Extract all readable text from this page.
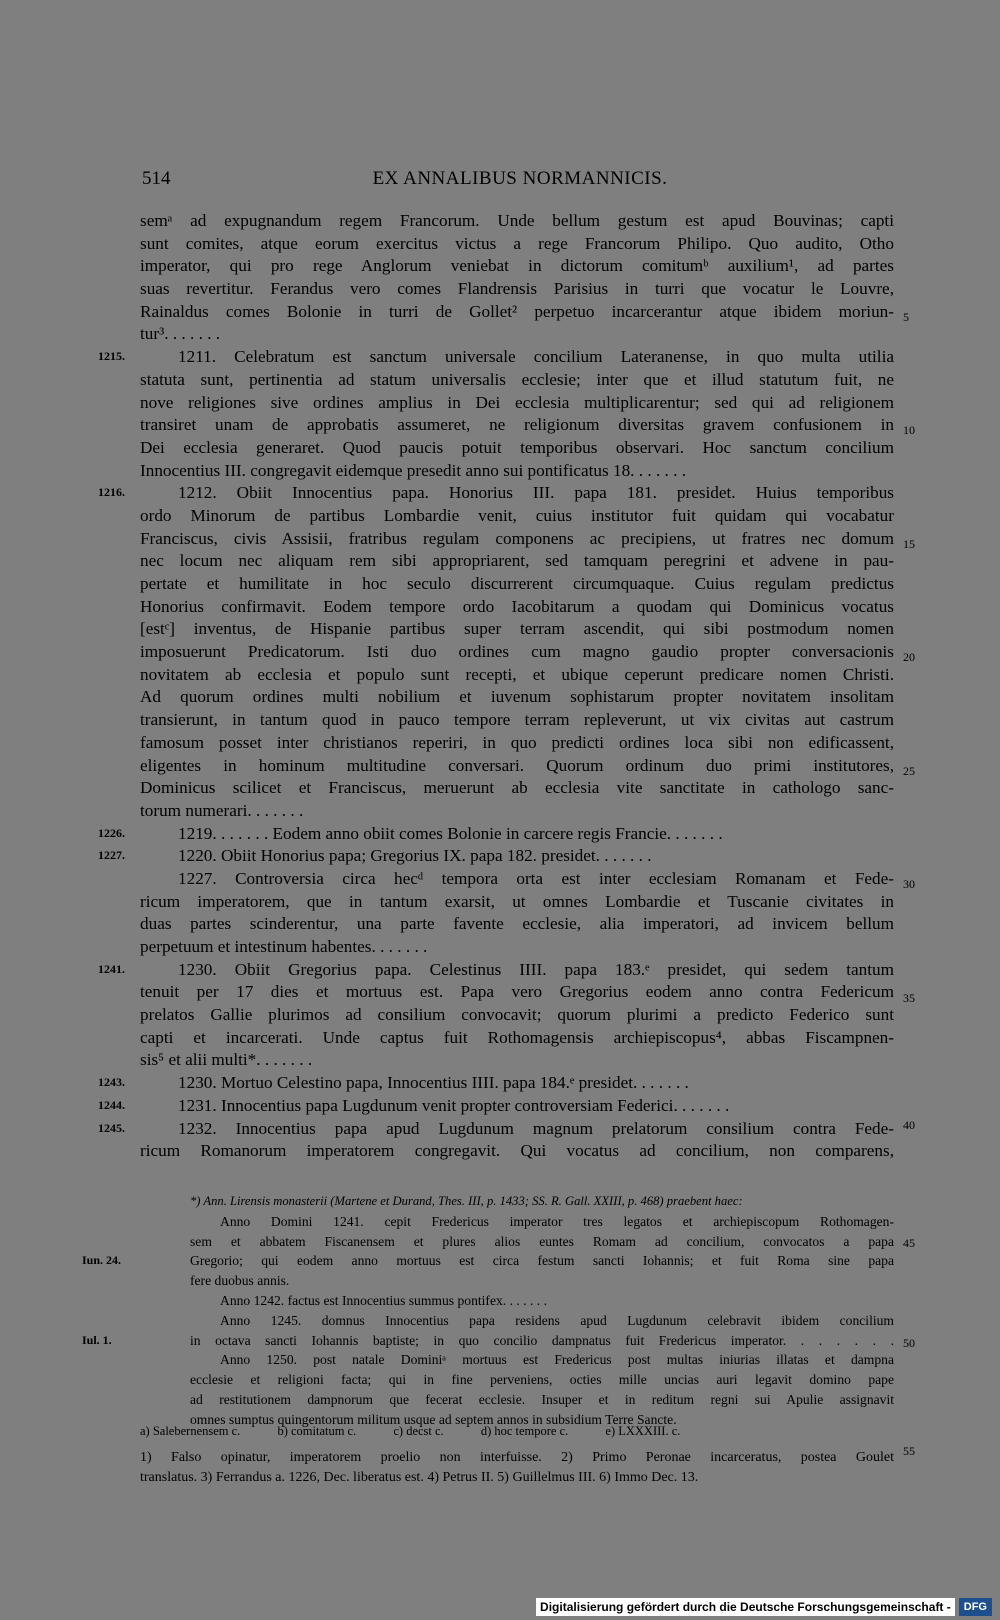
514	EX ANNALIBUS NORMANNICIS.
semᵃ ad expugnandum regem Francorum. Unde bellum gestum est apud Bouvinas; capti
sunt comites, atque eorum exercitus victus a rege Francorum Philipo. Quo audito, Otho
imperator, qui pro rege Anglorum veniebat in dictorum comitumᵇ auxilium¹, ad partes
suas revertitur. Ferandus vero comes Flandrensis Parisius in turri que vocatur le Louvre,
Rainaldus comes Bolonie in turri de Gollet² perpetuo incarcerantur atque ibidem moriun-
tur³. . . . . . .
1215.	1211. Celebratum est sanctum universale concilium Lateranense, in quo multa utilia
statuta sunt, pertinentia ad statum universalis ecclesie; inter que et illud statutum fuit, ne
nove religiones sive ordines amplius in Dei ecclesia multiplicarentur; sed qui ad religionem
transiret unam de approbatis assumeret, ne religionum diversitas gravem confusionem in
Dei ecclesia generaret. Quod paucis potuit temporibus observari. Hoc sanctum concilium
Innocentius III. congregavit eidemque presedit anno sui pontificatus 18. . . . . . .
1216.	1212. Obiit Innocentius papa. Honorius III. papa 181. presidet. Huius temporibus
ordo Minorum de partibus Lombardie venit, cuius institutor fuit quidam qui vocabatur
Franciscus, civis Assisii, fratribus regulam componens ac precipiens, ut fratres nec domum
nec locum nec aliquam rem sibi appropriarent, sed tamquam peregrini et advene in pau-
pertate et humilitate in hoc seculo discurrerent circumquaque. Cuius regulam predictus
Honorius confirmavit. Eodem tempore ordo Iacobitarum a quodam qui Dominicus vocatus
[estᶜ] inventus, de Hispanie partibus super terram ascendit, qui sibi postmodum nomen
imposuerunt Predicatorum. Isti duo ordines cum magno gaudio propter conversacionis
novitatem ab ecclesia et populo sunt recepti, et ubique ceperunt predicare nomen Christi.
Ad quorum ordines multi nobilium et iuvenum sophistarum propter novitatem insolitam
transierunt, in tantum quod in pauco tempore terram repleverunt, ut vix civitas aut castrum
famosum posset inter christianos reperiri, in quo predicti ordines loca sibi non edificassent,
eligentes in hominum multitudine conversari. Quorum ordinum duo primi institutores,
Dominicus scilicet et Franciscus, meruerunt ab ecclesia vite sanctitate in cathologo sanc-
torum numerari. . . . . . .
1226.	1219. . . . . . . Eodem anno obiit comes Bolonie in carcere regis Francie. . . . . . .
1227.	1220. Obiit Honorius papa; Gregorius IX. papa 182. presidet. . . . . . .
1227. Controversia circa hecᵈ tempora orta est inter ecclesiam Romanam et Fede-
ricum imperatorem, que in tantum exarsit, ut omnes Lombardie et Tuscanie civitates in
duas partes scinderentur, una parte favente ecclesie, alia imperatori, ad invicem bellum
perpetuum et intestinum habentes. . . . . . .
1241.	1230. Obiit Gregorius papa. Celestinus IIII. papa 183.ᵉ presidet, qui sedem tantum
tenuit per 17 dies et mortuus est. Papa vero Gregorius eodem anno contra Federicum
prelatos Gallie plurimos ad consilium convocavit; quorum plurimi a predicto Federico sunt
capti et incarcerati. Unde captus fuit Rothomagensis archiepiscopus⁴, abbas Fiscampnen-
sis⁵ et alii multi*. . . . . . .
1243.	1230. Mortuo Celestino papa, Innocentius IIII. papa 184.ᵉ presidet. . . . . . .
1244.	1231. Innocentius papa Lugdunum venit propter controversiam Federici. . . . . . .
1245.	1232. Innocentius papa apud Lugdunum magnum prelatorum consilium contra Fede-
ricum Romanorum imperatorem congregavit. Qui vocatus ad concilium, non comparens,
5
10
15
20
25
30
35
40
45
50
55
*) Ann. Lirensis monasterii (Martene et Durand, Thes. III, p. 1433; SS. R. Gall. XXIII, p. 468) praebent haec:
Anno Domini 1241. cepit Fredericus imperator tres legatos et archiepiscopum Rothomagen-
sem et abbatem Fiscanensem et plures alios euntes Romam ad concilium, convocatos a papa
Iun. 24.	Gregorio; qui eodem anno mortuus est circa festum sancti Iohannis; et fuit Roma sine papa
fere duobus annis.
Anno 1242. factus est Innocentius summus pontifex. . . . . . .
Anno 1245. domnus Innocentius papa residens apud Lugdunum celebravit ibidem concilium
Iul. 1.	in octava sancti Iohannis baptiste; in quo concilio dampnatus fuit Fredericus imperator. . . . . . .
Anno 1250. post natale Dominiᵃ mortuus est Fredericus post multas iniurias illatas et dampna
ecclesie et religioni facta; qui in fine perveniens, octies mille uncias auri legavit domino pape
ad restitutionem dampnorum que fecerat ecclesie. Insuper et in reditum regni sui Apulie assignavit
omnes sumptus quingentorum militum usque ad septem annos in subsidium Terre Sancte.
a) Salebernensem c.	b) comitatum c.	c) decst c.	d) hoc tempore c.	e) LXXXIII. c.
1) Falso opinatur, imperatorem proelio non interfuisse. 2) Primo Peronae incarceratus, postea Goulet
translatus. 3) Ferrandus a. 1226, Dec. liberatus est. 4) Petrus II. 5) Guillelmus III. 6) Immo Dec. 13.
Digitalisierung gefördert durch die Deutsche Forschungsgemeinschaft -	DFG
